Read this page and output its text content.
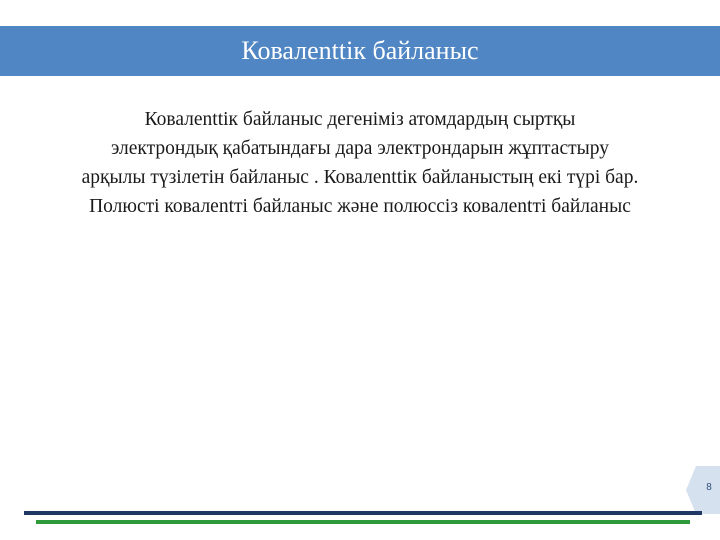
Ковалenttік байланыс

Ковалenttік байланыс дегеніміз атомдардың сыртқы
электрондық қабатындағы дара электрондарын жұптастыру
арқылы түзілетін байланыс . Ковалenttік байланыстың екі түрі бар.
Полюсті ковалentті байланыс және полюссіз ковалentті байланыс

8
